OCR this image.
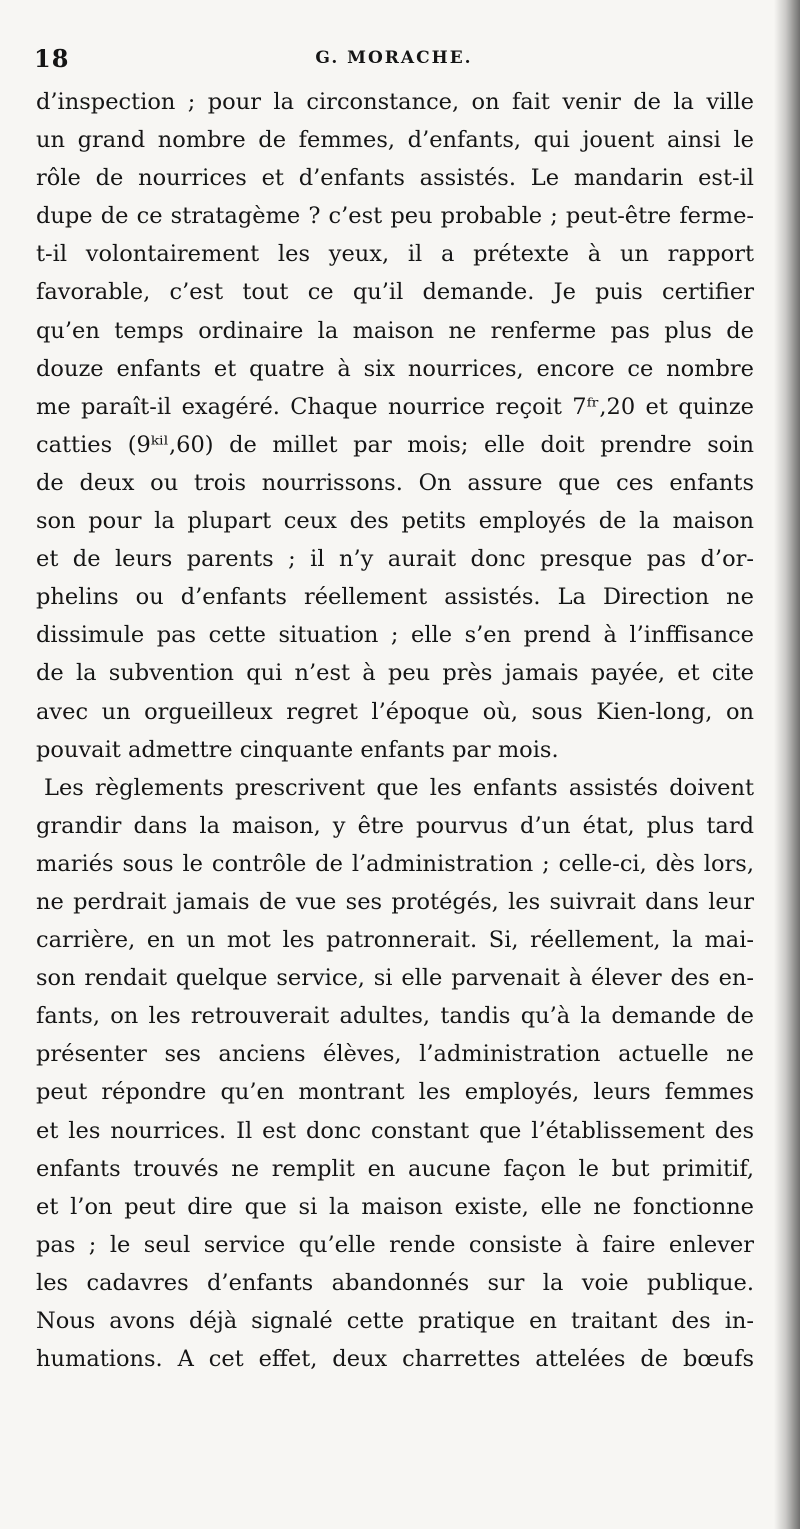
18	G. MORACHE.
d’inspection ; pour la circonstance, on fait venir de la ville
un grand nombre de femmes, d’enfants, qui jouent ainsi le
rôle de nourrices et d’enfants assistés. Le mandarin est-il
dupe de ce stratagème ? c’est peu probable ; peut-être ferme-
t-il volontairement les yeux, il a prétexte à un rapport
favorable, c’est tout ce qu’il demande. Je puis certifier
qu’en temps ordinaire la maison ne renferme pas plus de
douze enfants et quatre à six nourrices, encore ce nombre
me paraît-il exagéré. Chaque nourrice reçoit 7ᶠʳ,20 et quinze
catties (9ᵏⁱˡ,60) de millet par mois; elle doit prendre soin
de deux ou trois nourrissons. On assure que ces enfants
son pour la plupart ceux des petits employés de la maison
et de leurs parents ; il n’y aurait donc presque pas d’or-
phelins ou d’enfants réellement assistés. La Direction ne
dissimule pas cette situation ; elle s’en prend à l’inffisance
de la subvention qui n’est à peu près jamais payée, et cite
avec un orgueilleux regret l’époque où, sous Kien-long, on
pouvait admettre cinquante enfants par mois.
Les règlements prescrivent que les enfants assistés doivent
grandir dans la maison, y être pourvus d’un état, plus tard
mariés sous le contrôle de l’administration ; celle-ci, dès lors,
ne perdrait jamais de vue ses protégés, les suivrait dans leur
carrière, en un mot les patronnerait. Si, réellement, la mai-
son rendait quelque service, si elle parvenait à élever des en-
fants, on les retrouverait adultes, tandis qu’à la demande de
présenter ses anciens élèves, l’administration actuelle ne
peut répondre qu’en montrant les employés, leurs femmes
et les nourrices. Il est donc constant que l’établissement des
enfants trouvés ne remplit en aucune façon le but primitif,
et l’on peut dire que si la maison existe, elle ne fonctionne
pas ; le seul service qu’elle rende consiste à faire enlever
les cadavres d’enfants abandonnés sur la voie publique.
Nous avons déjà signalé cette pratique en traitant des in-
humations. A cet effet, deux charrettes attelées de bœufs
